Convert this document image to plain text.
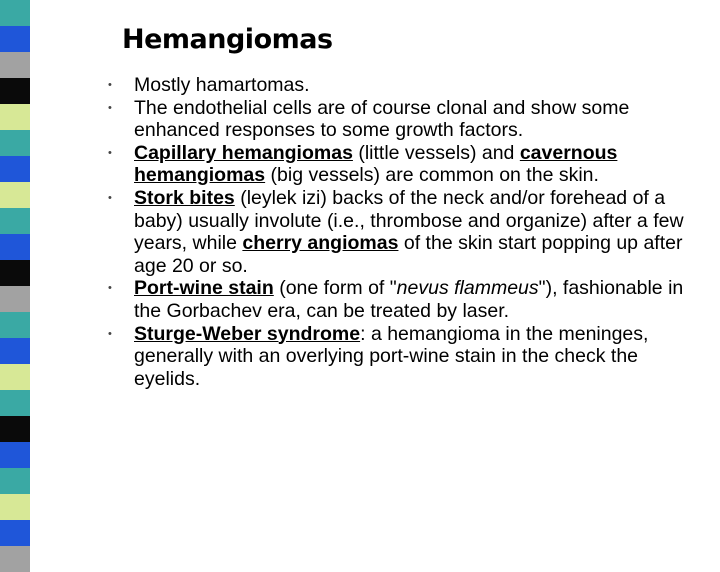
Hemangiomas
• Mostly hamartomas.
• The endothelial cells are of course clonal and show some enhanced responses to some growth factors.
• Capillary hemangiomas (little vessels) and cavernous hemangiomas (big vessels) are common on the skin.
• Stork bites (leylek izi) backs of the neck and/or forehead of a baby) usually involute (i.e., thrombose and organize) after a few years, while cherry angiomas of the skin start popping up after age 20 or so.
• Port-wine stain (one form of "nevus flammeus"), fashionable in the Gorbachev era, can be treated by laser.
• Sturge-Weber syndrome: a hemangioma in the meninges, generally with an overlying port-wine stain in the check the eyelids.
